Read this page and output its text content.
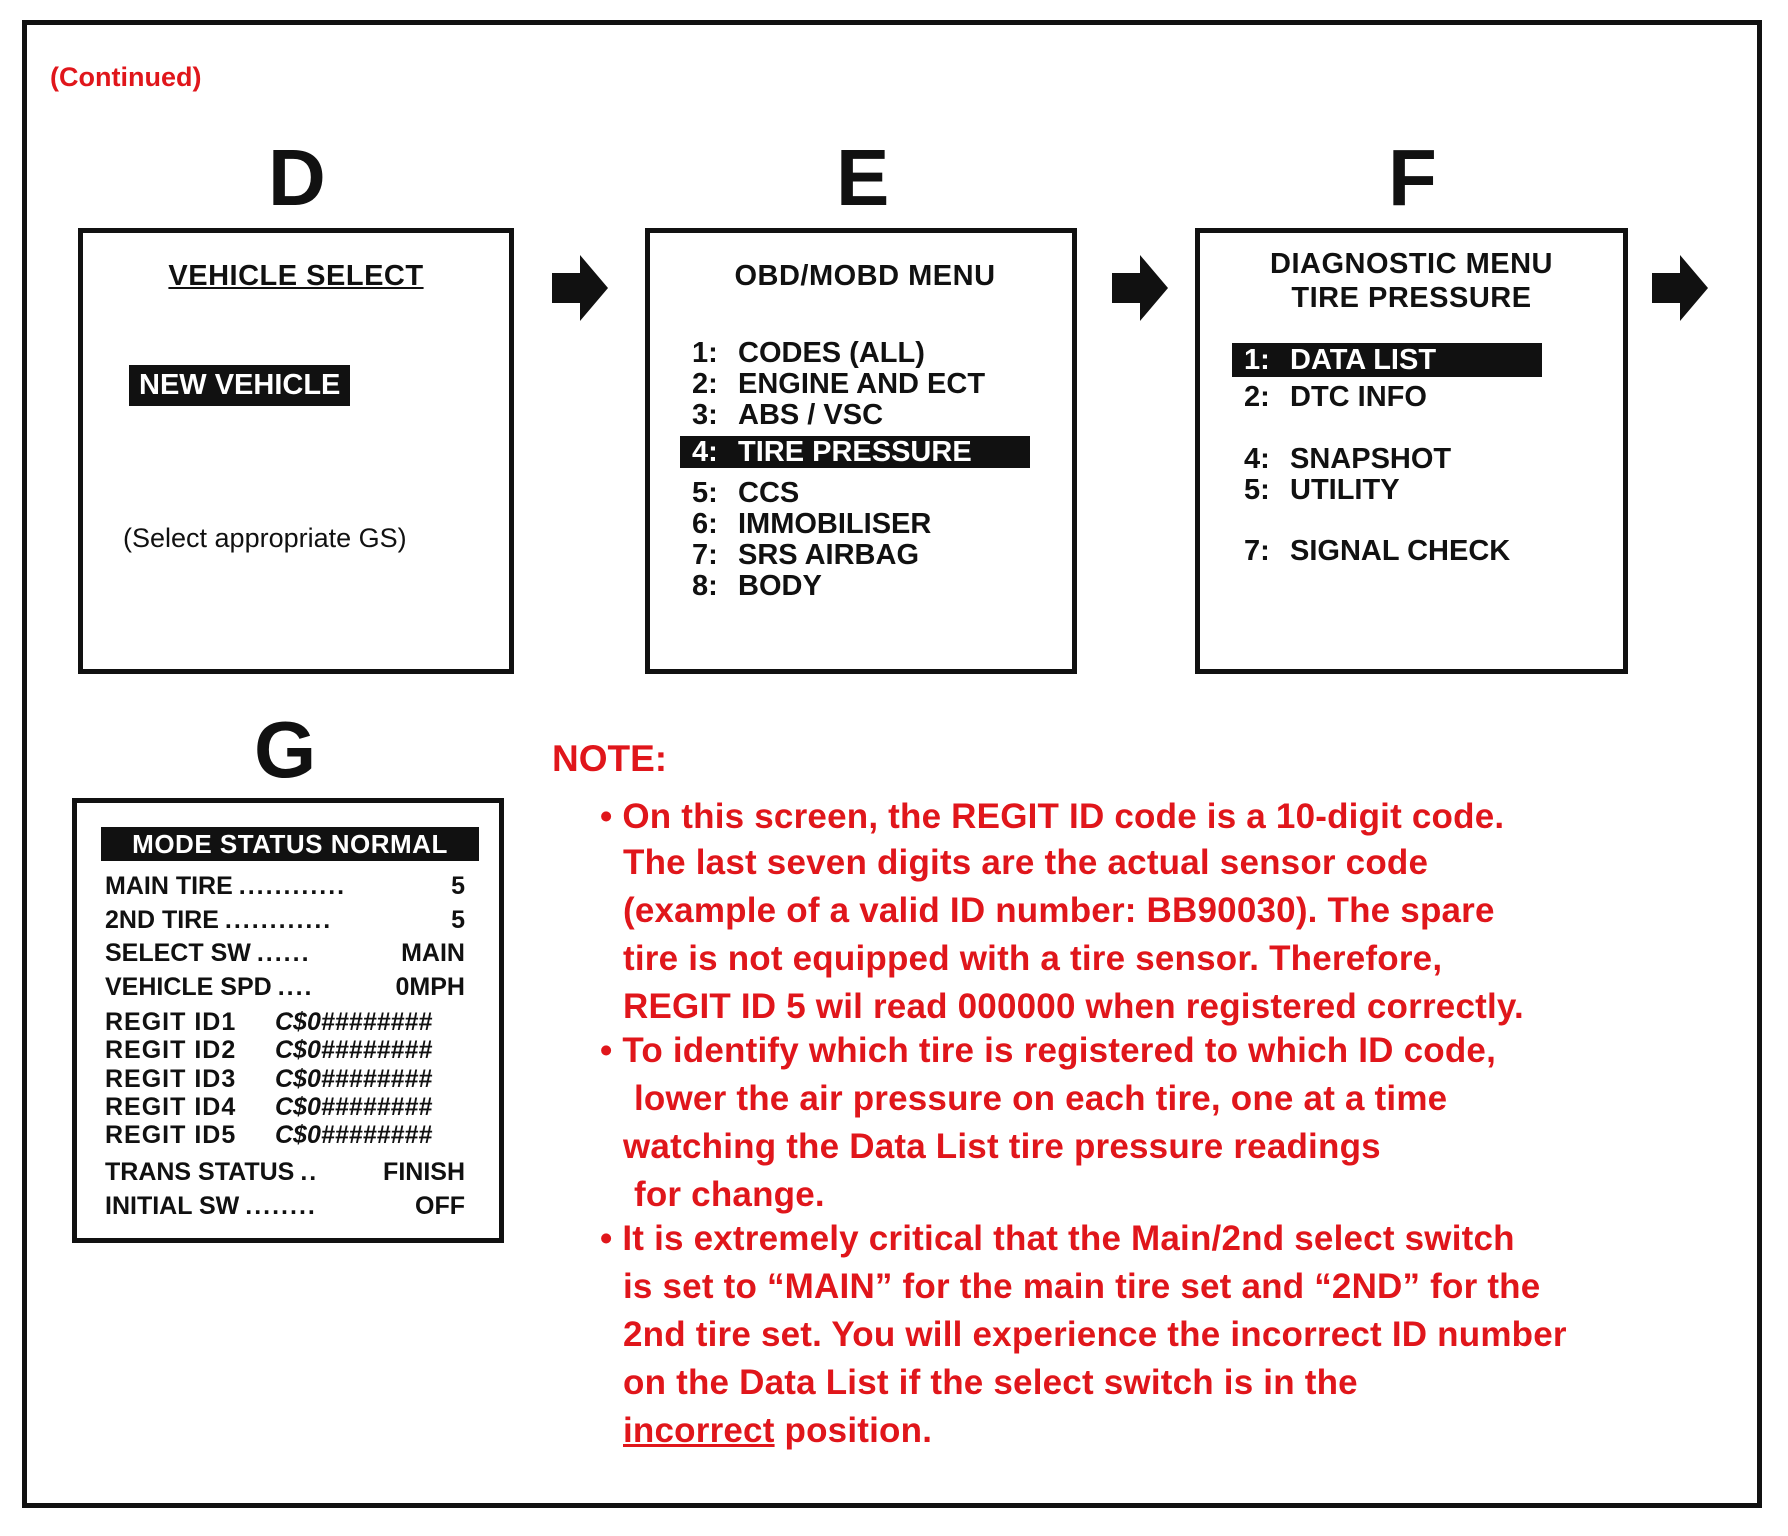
(Continued)
D
VEHICLE SELECT
NEW VEHICLE
(Select appropriate GS)
E
OBD/MOBD MENU
1: CODES (ALL)
2: ENGINE AND ECT
3: ABS / VSC
4: TIRE PRESSURE
5: CCS
6: IMMOBILISER
7: SRS AIRBAG
8: BODY
F
DIAGNOSTIC MENU
TIRE PRESSURE
1: DATA LIST
2: DTC INFO
4: SNAPSHOT
5: UTILITY
7: SIGNAL CHECK
G
MODE STATUS NORMAL
MAIN TIRE ............	5
2ND TIRE ............	5
SELECT SW ......	MAIN
VEHICLE SPD ....	0MPH
REGIT ID1	C$0########
REGIT ID2	C$0########
REGIT ID3	C$0########
REGIT ID4	C$0########
REGIT ID5	C$0########
TRANS STATUS ..	FINISH
INITIAL SW ........	OFF
NOTE:
• On this screen, the REGIT ID code is a 10-digit code.
The last seven digits are the actual sensor code
(example of a valid ID number: BB90030). The spare
tire is not equipped with a tire sensor. Therefore,
REGIT ID 5 wil read 000000 when registered correctly.
• To identify which tire is registered to which ID code,
lower the air pressure on each tire, one at a time
watching the Data List tire pressure readings
for change.
• It is extremely critical that the Main/2nd select switch
is set to “MAIN” for the main tire set and “2ND” for the
2nd tire set. You will experience the incorrect ID number
on the Data List if the select switch is in the
incorrect position.
